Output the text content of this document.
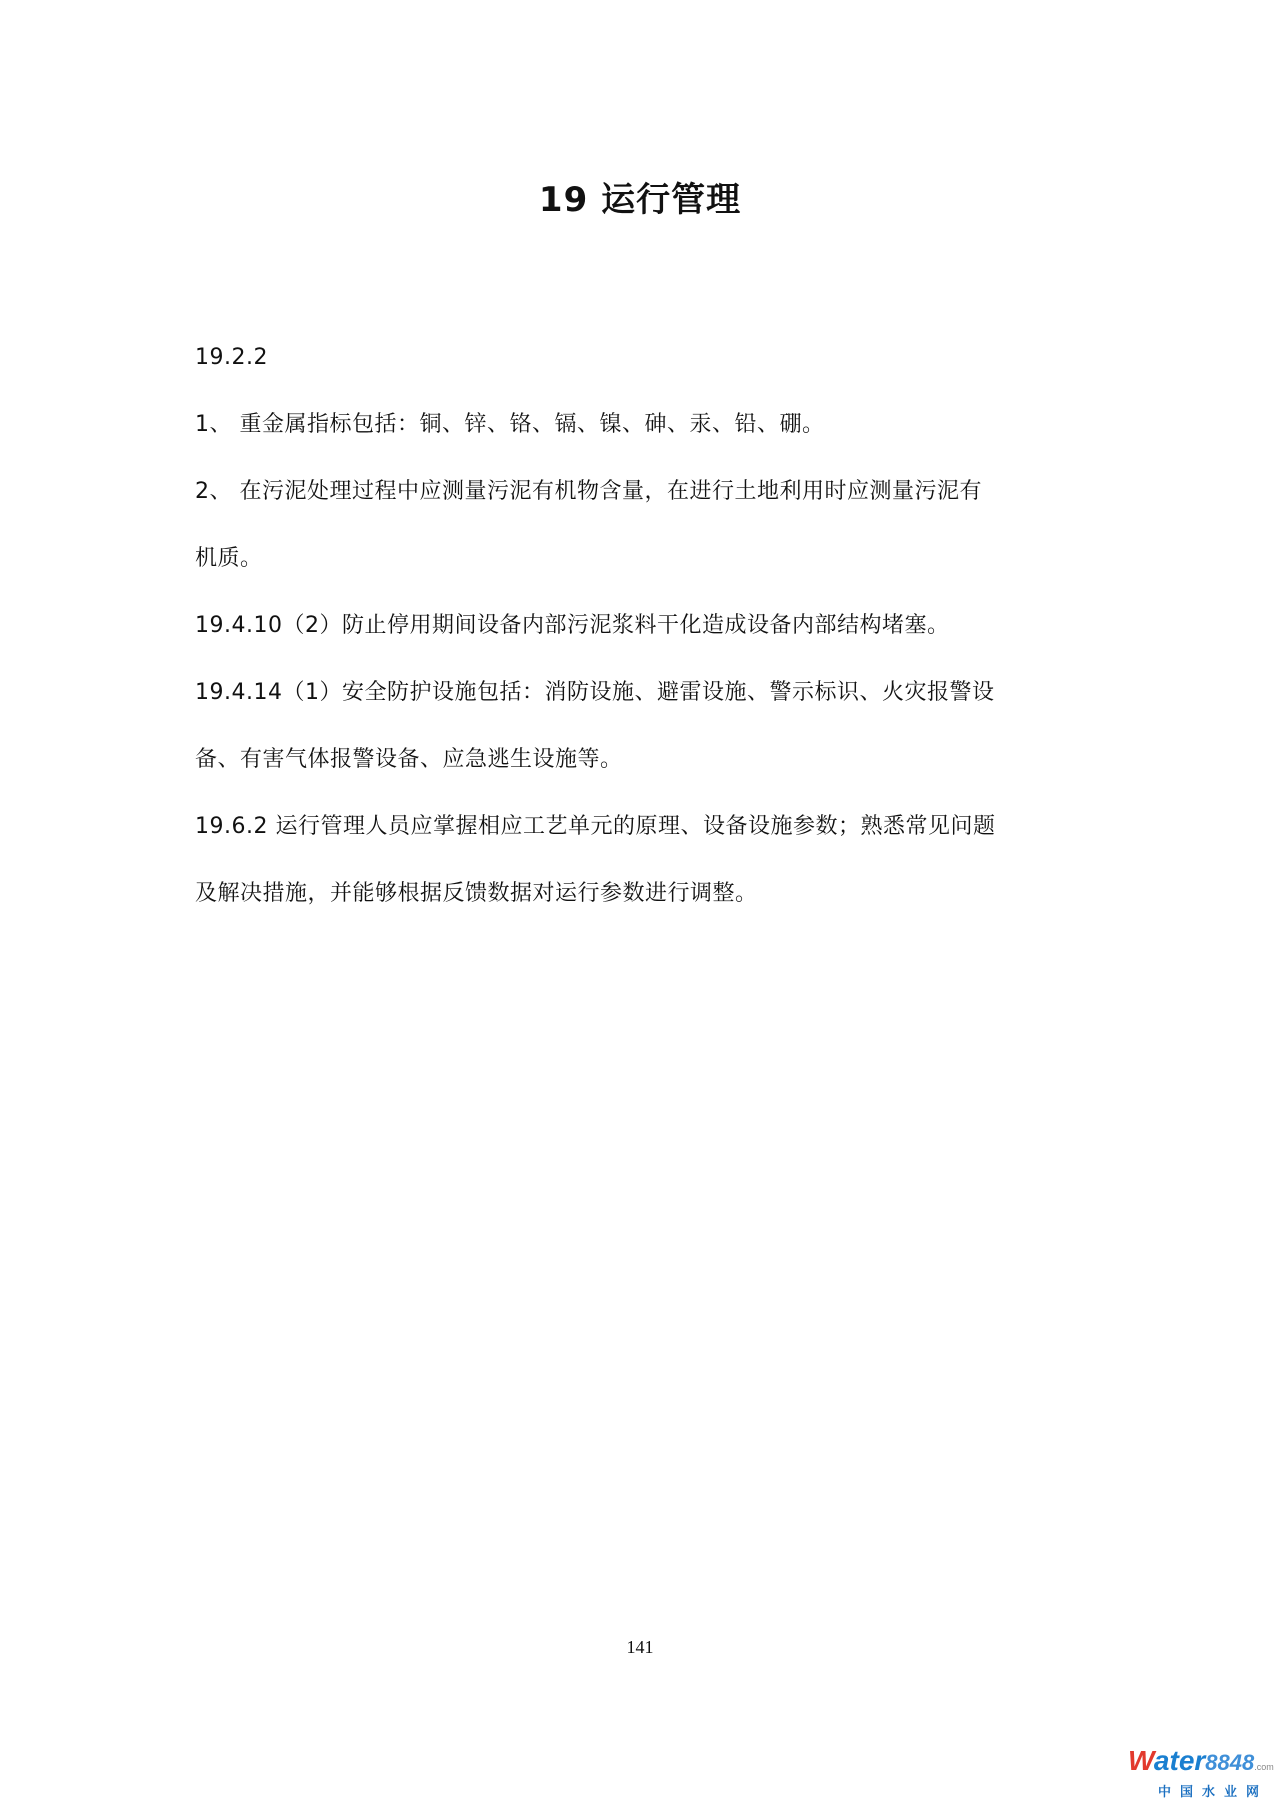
19 运行管理
19.2.2
1、 重金属指标包括：铜、锌、铬、镉、镍、砷、汞、铅、硼。
2、 在污泥处理过程中应测量污泥有机物含量，在进行土地利用时应测量污泥有
机质。
19.4.10（2）防止停用期间设备内部污泥浆料干化造成设备内部结构堵塞。
19.4.14（1）安全防护设施包括：消防设施、避雷设施、警示标识、火灾报警设
备、有害气体报警设备、应急逃生设施等。
19.6.2 运行管理人员应掌握相应工艺单元的原理、设备设施参数；熟悉常见问题
及解决措施，并能够根据反馈数据对运行参数进行调整。
141
Water8848.com
中国水业网
